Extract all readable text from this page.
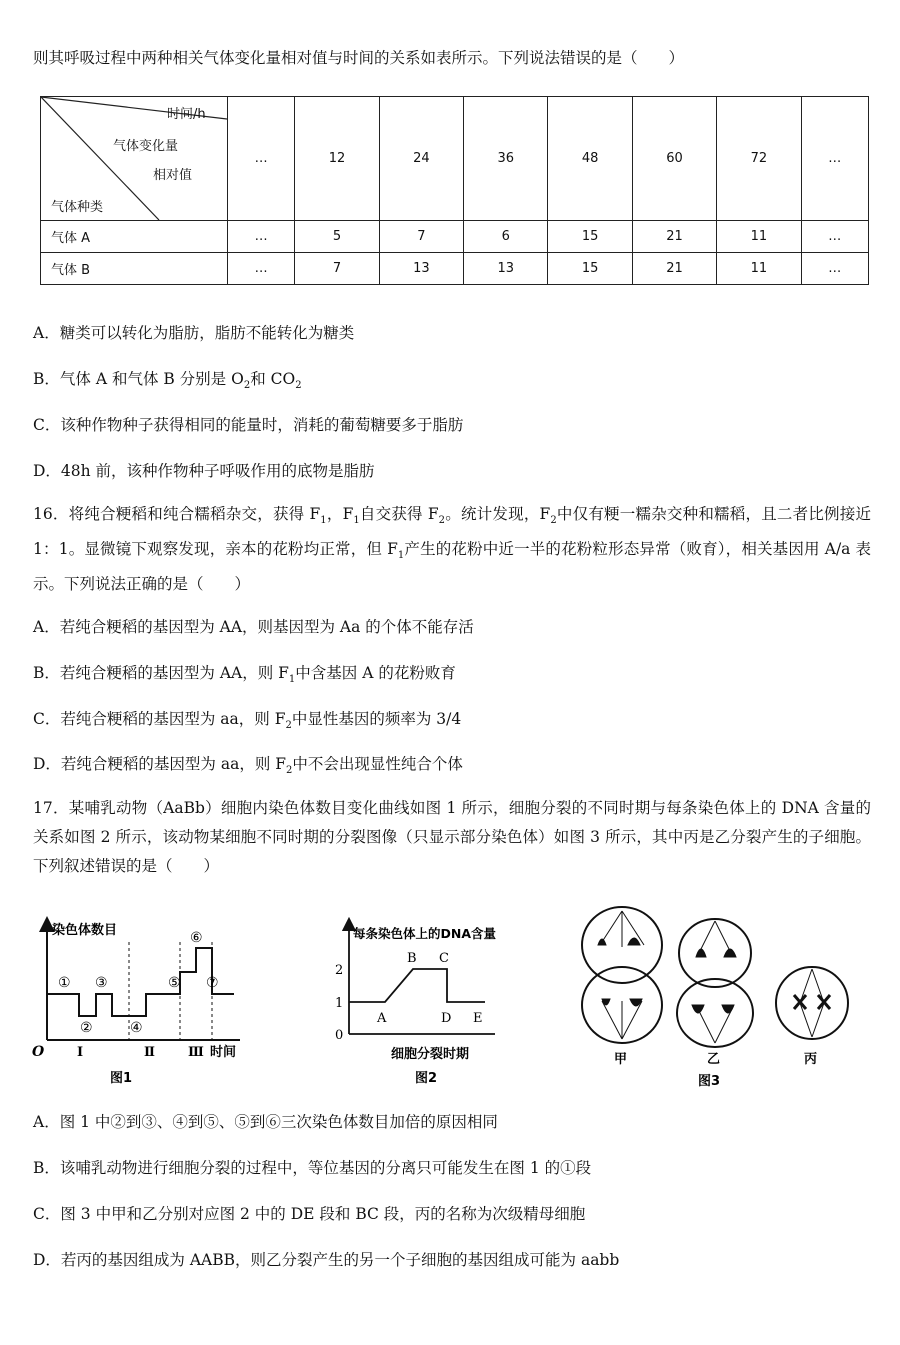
则其呼吸过程中两种相关气体变化量相对值与时间的关系如表所示。下列说法错误的是（　　）
时间/h
气体变化量
相对值
气体种类	…	12	24	36	48	60	72	…
气体 A	…	5	7	6	15	21	11	…
气体 B	…	7	13	13	15	21	11	…
A．糖类可以转化为脂肪，脂肪不能转化为糖类
B．气体 A 和气体 B 分别是 $O_2$和 $CO_2$
C．该种作物种子获得相同的能量时，消耗的葡萄糖要多于脂肪
D．48h 前，该种作物种子呼吸作用的底物是脂肪
16．将纯合粳稻和纯合糯稻杂交，获得 $F_1$，$F_1$自交获得 $F_2$。统计发现，$F_2$中仅有粳一糯杂交种和糯稻，且二者比例接近 1：1。显微镜下观察发现，亲本的花粉均正常，但 $F_1$产生的花粉中近一半的花粉粒形态异常（败育），相关基因用 A/a 表示。下列说法正确的是（　　）
A．若纯合粳稻的基因型为 AA，则基因型为 Aa 的个体不能存活
B．若纯合粳稻的基因型为 AA，则 $F_1$中含基因 A 的花粉败育
C．若纯合粳稻的基因型为 aa，则 $F_2$中显性基因的频率为 3/4
D．若纯合粳稻的基因型为 aa，则 $F_2$中不会出现显性纯合个体
17．某哺乳动物（AaBb）细胞内染色体数目变化曲线如图 1 所示，细胞分裂的不同时期与每条染色体上的 DNA 含量的关系如图 2 所示，该动物某细胞不同时期的分裂图像（只显示部分染色体）如图 3 所示，其中丙是乙分裂产生的子细胞。下列叙述错误的是（　　）
染色体数目
O	时间
①
②
③
④
⑤
⑥
⑦
Ⅰ	Ⅱ	Ⅲ
图1
每条染色体上的DNA含量
2
1
0
A
B C
D E
细胞分裂时期
图2
甲	乙	丙
图3
A．图 1 中②到③、④到⑤、⑤到⑥三次染色体数目加倍的原因相同
B．该哺乳动物进行细胞分裂的过程中，等位基因的分离只可能发生在图 1 的①段
C．图 3 中甲和乙分别对应图 2 中的 DE 段和 BC 段，丙的名称为次级精母细胞
D．若丙的基因组成为 AABB，则乙分裂产生的另一个子细胞的基因组成可能为 aabb
